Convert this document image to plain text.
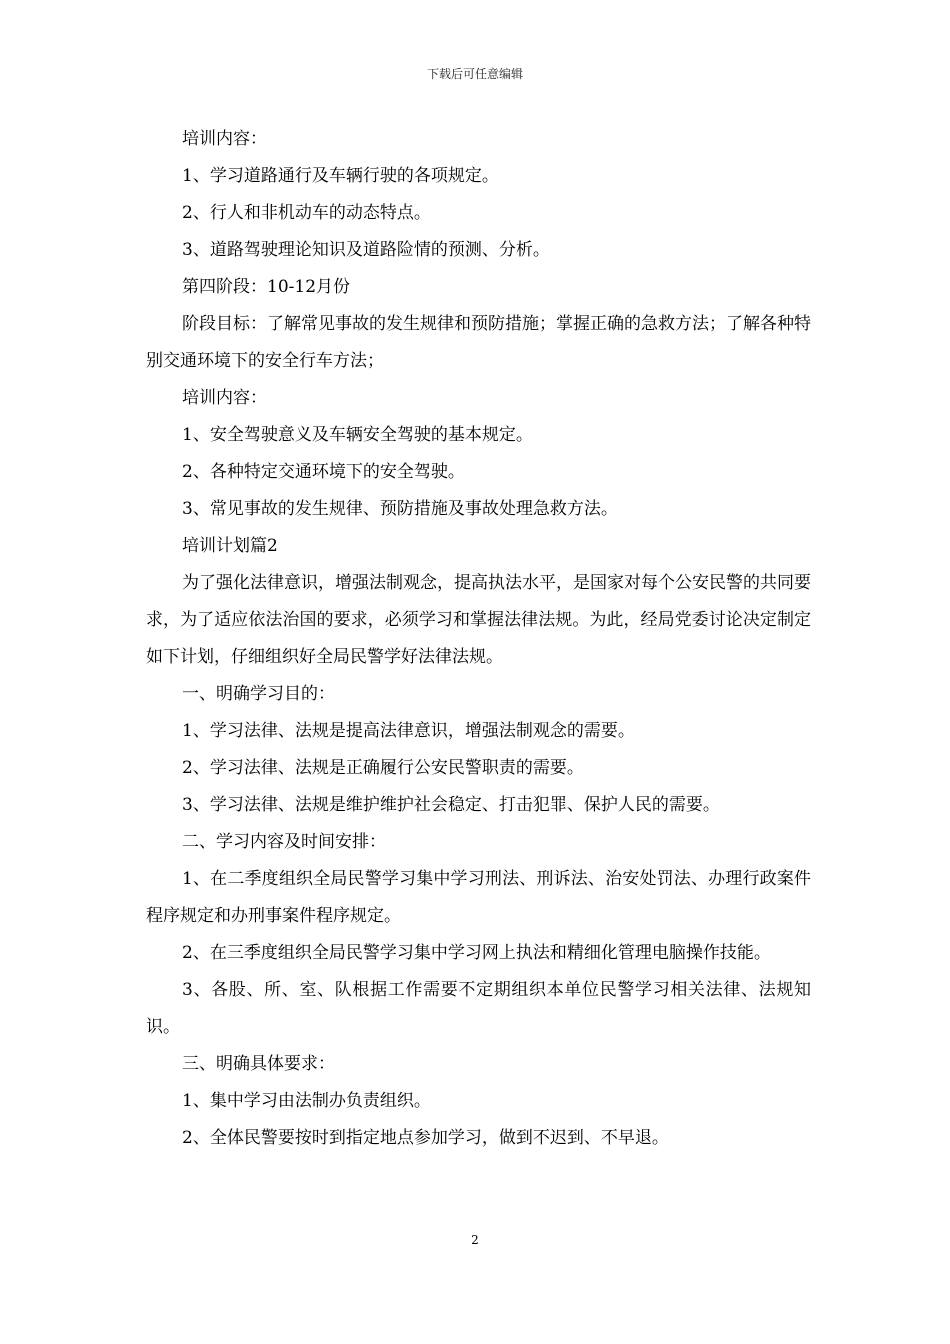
下载后可任意编辑

培训内容：

1、学习道路通行及车辆行驶的各项规定。

2、行人和非机动车的动态特点。

3、道路驾驶理论知识及道路险情的预测、分析。

第四阶段：10-12月份

阶段目标：了解常见事故的发生规律和预防措施；掌握正确的急救方法；了解各种特别交通环境下的安全行车方法；

培训内容：

1、安全驾驶意义及车辆安全驾驶的基本规定。

2、各种特定交通环境下的安全驾驶。

3、常见事故的发生规律、预防措施及事故处理急救方法。

培训计划篇2

为了强化法律意识，增强法制观念，提高执法水平，是国家对每个公安民警的共同要求，为了适应依法治国的要求，必须学习和掌握法律法规。为此，经局党委讨论决定制定如下计划，仔细组织好全局民警学好法律法规。

一、明确学习目的：

1、学习法律、法规是提高法律意识，增强法制观念的需要。

2、学习法律、法规是正确履行公安民警职责的需要。

3、学习法律、法规是维护维护社会稳定、打击犯罪、保护人民的需要。

二、学习内容及时间安排：

1、在二季度组织全局民警学习集中学习刑法、刑诉法、治安处罚法、办理行政案件程序规定和办刑事案件程序规定。

2、在三季度组织全局民警学习集中学习网上执法和精细化管理电脑操作技能。

3、各股、所、室、队根据工作需要不定期组织本单位民警学习相关法律、法规知识。

三、明确具体要求：

1、集中学习由法制办负责组织。

2、全体民警要按时到指定地点参加学习，做到不迟到、不早退。

2
